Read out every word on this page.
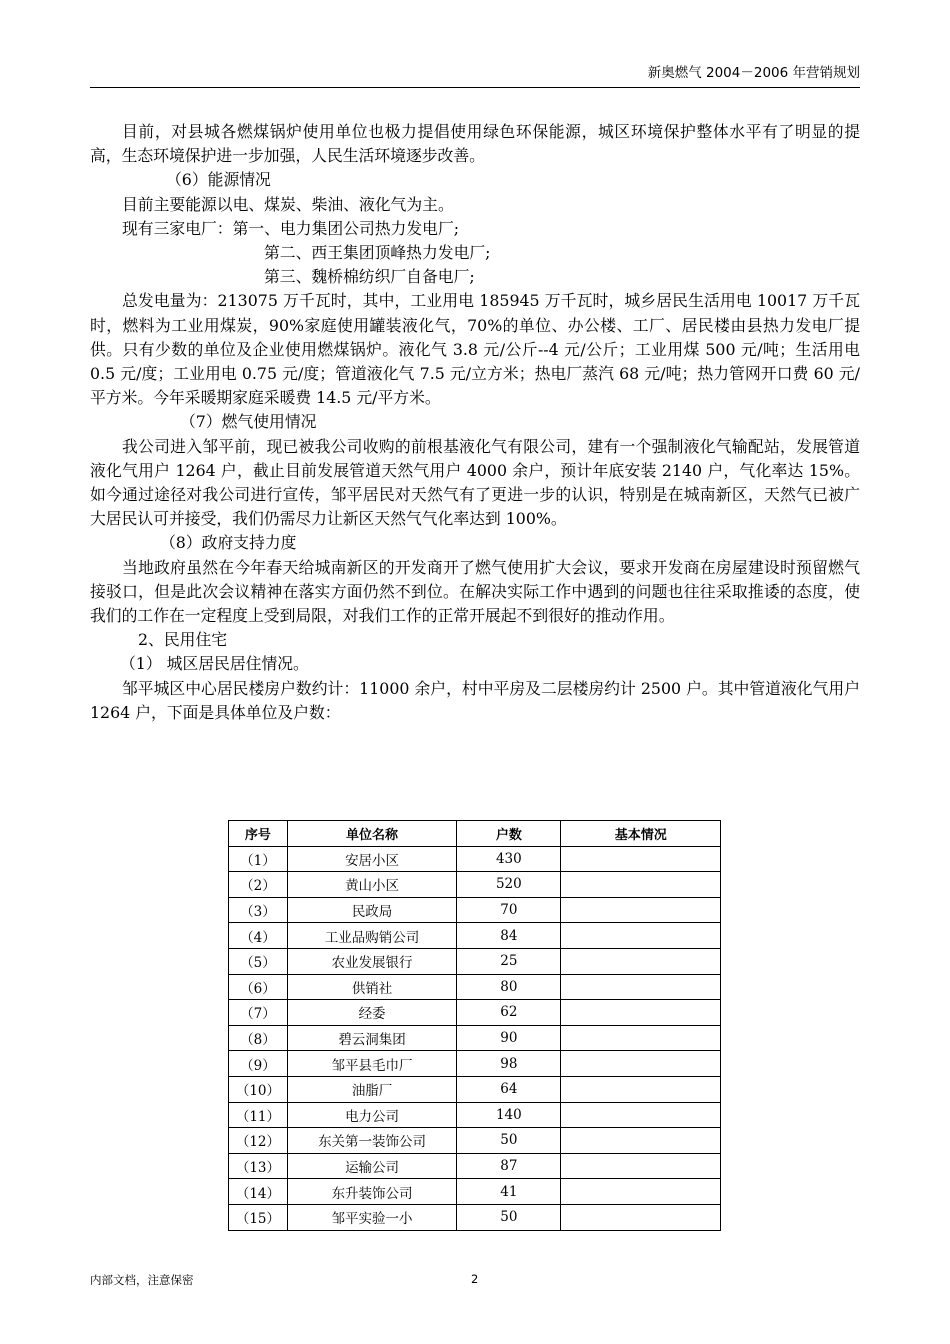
新奥燃气 2004－2006 年营销规划

目前，对县城各燃煤锅炉使用单位也极力提倡使用绿色环保能源，城区环境保护整体水平有了明显的提高，生态环境保护进一步加强，人民生活环境逐步改善。

（6）能源情况

目前主要能源以电、煤炭、柴油、液化气为主。

现有三家电厂：第一、电力集团公司热力发电厂;

第二、西王集团顶峰热力发电厂;

第三、魏桥棉纺织厂自备电厂;

总发电量为：213075 万千瓦时，其中，工业用电 185945 万千瓦时，城乡居民生活用电 10017 万千瓦时，燃料为工业用煤炭，90%家庭使用罐装液化气，70%的单位、办公楼、工厂、居民楼由县热力发电厂提供。只有少数的单位及企业使用燃煤锅炉。液化气 3.8 元/公斤--4 元/公斤；工业用煤 500 元/吨；生活用电 0.5 元/度；工业用电 0.75 元/度；管道液化气 7.5 元/立方米；热电厂蒸汽 68 元/吨；热力管网开口费 60 元/平方米。今年采暖期家庭采暖费 14.5 元/平方米。

（7）燃气使用情况

我公司进入邹平前，现已被我公司收购的前根基液化气有限公司，建有一个强制液化气输配站，发展管道液化气用户 1264 户，截止目前发展管道天然气用户 4000 余户，预计年底安装 2140 户，气化率达 15%。如今通过途径对我公司进行宣传，邹平居民对天然气有了更进一步的认识，特别是在城南新区，天然气已被广大居民认可并接受，我们仍需尽力让新区天然气气化率达到 100%。

（8）政府支持力度

当地政府虽然在今年春天给城南新区的开发商开了燃气使用扩大会议，要求开发商在房屋建设时预留燃气接驳口，但是此次会议精神在落实方面仍然不到位。在解决实际工作中遇到的问题也往往采取推诿的态度，使我们的工作在一定程度上受到局限，对我们工作的正常开展起不到很好的推动作用。

2、民用住宅

（1） 城区居民居住情况。

邹平城区中心居民楼房户数约计：11000 余户，村中平房及二层楼房约计 2500 户。其中管道液化气用户 1264 户，下面是具体单位及户数：

序号	单位名称	户数	基本情况
（1）	安居小区	430	
（2）	黄山小区	520	
（3）	民政局	70	
（4）	工业品购销公司	84	
（5）	农业发展银行	25	
（6）	供销社	80	
（7）	经委	62	
（8）	碧云洞集团	90	
（9）	邹平县毛巾厂	98	
（10）	油脂厂	64	
（11）	电力公司	140	
（12）	东关第一装饰公司	50	
（13）	运输公司	87	
（14）	东升装饰公司	41	
（15）	邹平实验一小	50	
内部文档，注意保密	2
